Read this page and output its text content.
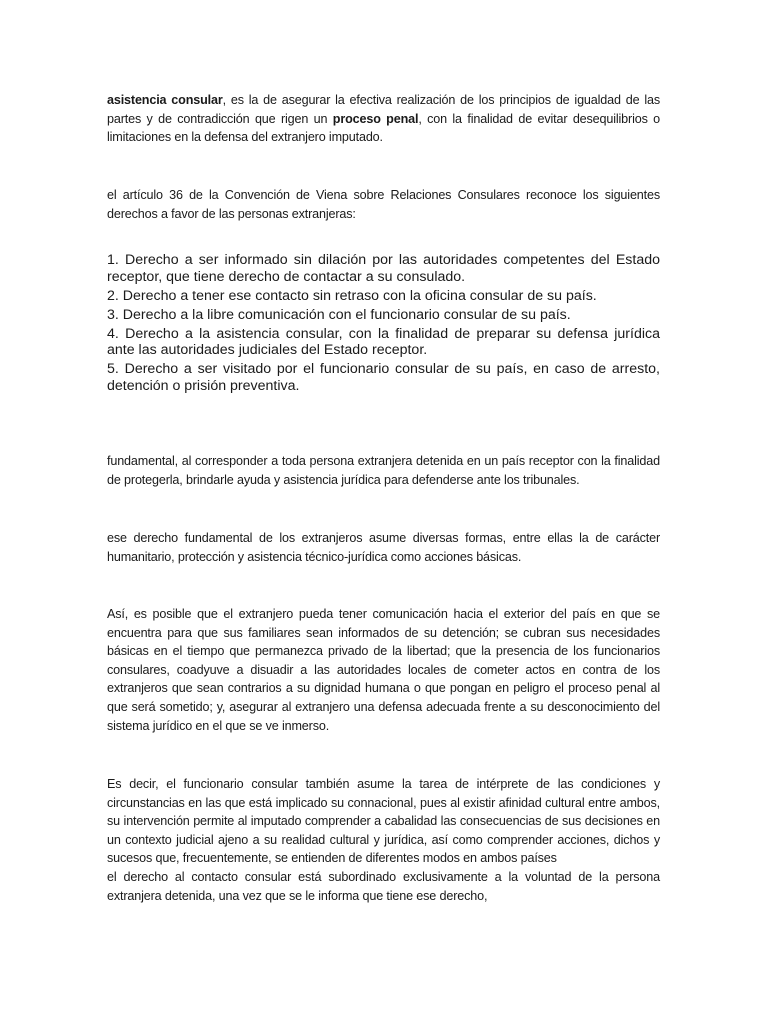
asistencia consular, es la de asegurar la efectiva realización de los principios de igualdad de las partes y de contradicción que rigen un proceso penal, con la finalidad de evitar desequilibrios o limitaciones en la defensa del extranjero imputado.

el artículo 36 de la Convención de Viena sobre Relaciones Consulares reconoce los siguientes derechos a favor de las personas extranjeras:

1. Derecho a ser informado sin dilación por las autoridades competentes del Estado receptor, que tiene derecho de contactar a su consulado.
2. Derecho a tener ese contacto sin retraso con la oficina consular de su país.
3. Derecho a la libre comunicación con el funcionario consular de su país.
4. Derecho a la asistencia consular, con la finalidad de preparar su defensa jurídica ante las autoridades judiciales del Estado receptor.
5. Derecho a ser visitado por el funcionario consular de su país, en caso de arresto, detención o prisión preventiva.

fundamental, al corresponder a toda persona extranjera detenida en un país receptor con la finalidad de protegerla, brindarle ayuda y asistencia jurídica para defenderse ante los tribunales.

ese derecho fundamental de los extranjeros asume diversas formas, entre ellas la de carácter humanitario, protección y asistencia técnico-jurídica como acciones básicas.

Así, es posible que el extranjero pueda tener comunicación hacia el exterior del país en que se encuentra para que sus familiares sean informados de su detención; se cubran sus necesidades básicas en el tiempo que permanezca privado de la libertad; que la presencia de los funcionarios consulares, coadyuve a disuadir a las autoridades locales de cometer actos en contra de los extranjeros que sean contrarios a su dignidad humana o que pongan en peligro el proceso penal al que será sometido; y, asegurar al extranjero una defensa adecuada frente a su desconocimiento del sistema jurídico en el que se ve inmerso.

Es decir, el funcionario consular también asume la tarea de intérprete de las condiciones y circunstancias en las que está implicado su connacional, pues al existir afinidad cultural entre ambos, su intervención permite al imputado comprender a cabalidad las consecuencias de sus decisiones en un contexto judicial ajeno a su realidad cultural y jurídica, así como comprender acciones, dichos y sucesos que, frecuentemente, se entienden de diferentes modos en ambos países

el derecho al contacto consular está subordinado exclusivamente a la voluntad de la persona extranjera detenida, una vez que se le informa que tiene ese derecho,
